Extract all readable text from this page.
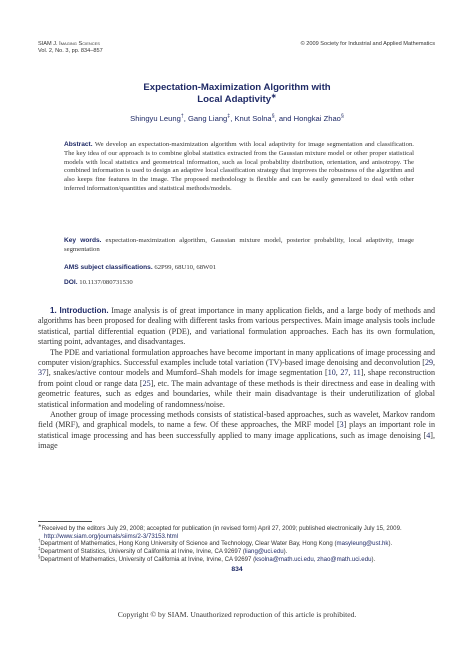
SIAM J. Imaging Sciences
Vol. 2, No. 3, pp. 834–857
© 2009 Society for Industrial and Applied Mathematics
Expectation-Maximization Algorithm with
Local Adaptivity∗
Shingyu Leung†, Gang Liang‡, Knut Solna§, and Hongkai Zhao§
Abstract. We develop an expectation-maximization algorithm with local adaptivity for image segmentation and classification. The key idea of our approach is to combine global statistics extracted from the Gaussian mixture model or other proper statistical models with local statistics and geometrical information, such as local probability distribution, orientation, and anisotropy. The combined information is used to design an adaptive local classification strategy that improves the robustness of the algorithm and also keeps fine features in the image. The proposed methodology is flexible and can be easily generalized to deal with other inferred information/quantities and statistical methods/models.
Key words. expectation-maximization algorithm, Gaussian mixture model, posterior probability, local adaptivity, image segmentation
AMS subject classifications. 62P99, 68U10, 68W01
DOI. 10.1137/080731530

1. Introduction. Image analysis is of great importance in many application fields, and a large body of methods and algorithms has been proposed for dealing with different tasks from various perspectives. Main image analysis tools include statistical, partial differential equation (PDE), and variational formulation approaches. Each has its own formulation, starting point, advantages, and disadvantages.

The PDE and variational formulation approaches have become important in many applications of image processing and computer vision/graphics. Successful examples include total variation (TV)-based image denoising and deconvolution [29, 37], snakes/active contour models and Mumford–Shah models for image segmentation [10, 27, 11], shape reconstruction from point cloud or range data [25], etc. The main advantage of these methods is their directness and ease in dealing with geometric features, such as edges and boundaries, while their main disadvantage is their underutilization of global statistical information and modeling of randomness/noise.

Another group of image processing methods consists of statistical-based approaches, such as wavelet, Markov random field (MRF), and graphical models, to name a few. Of these approaches, the MRF model [3] plays an important role in statistical image processing and has been successfully applied to many image applications, such as image denoising [4], image

∗Received by the editors July 29, 2008; accepted for publication (in revised form) April 27, 2009; published electronically July 15, 2009.
http://www.siam.org/journals/siims/2-3/73153.html
†Department of Mathematics, Hong Kong University of Science and Technology, Clear Water Bay, Hong Kong (masyleung@ust.hk).
‡Department of Statistics, University of California at Irvine, Irvine, CA 92697 (liang@uci.edu).
§Department of Mathematics, University of California at Irvine, Irvine, CA 92697 (ksolna@math.uci.edu, zhao@math.uci.edu).
834
Copyright © by SIAM. Unauthorized reproduction of this article is prohibited.
